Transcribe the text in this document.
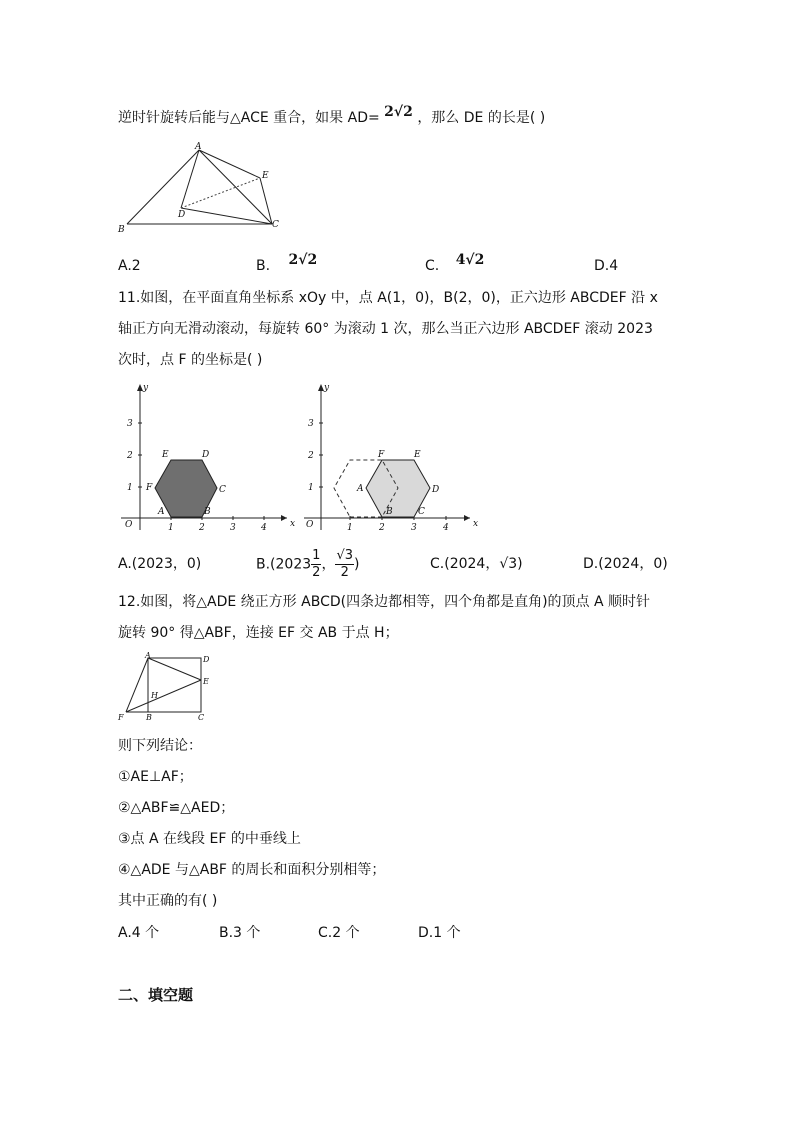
逆时针旋转后能与△ACE 重合，如果 AD= 2√2 ，那么 DE 的长是( )
A
E
D
B	C
A.2	B. 2√2	C. 4√2	D.4
11.如图，在平面直角坐标系 xOy 中，点 A(1，0)，B(2，0)，正六边形 ABCDEF 沿 x
轴正方向无滑动滚动，每旋转 60° 为滚动 1 次，那么当正六边形 ABCDEF 滚动 2023
次时，点 F 的坐标是( )
x
y
O	1	2	3	4
1
2
3
E	D
F	C
A	B
x
y
O	1	2	3	4
1
2
3
F	E
A	D
B	C
A.(2023，0)	$B.(2023 \frac{1}{2}$ ， $\frac{√3}{2}$ )	C.(2024，√3)	D.(2024，0)
12.如图，将△ADE 绕正方形 ABCD(四条边都相等，四个角都是直角)的顶点 A 顺时针
旋转 90° 得△ABF，连接 EF 交 AB 于点 H；
A	D
E
H
F	B	C
则下列结论：
①AE⊥AF；
②△ABF≌△AED；
③点 A 在线段 EF 的中垂线上
④△ADE 与△ABF 的周长和面积分别相等；
其中正确的有( )
A.4 个	B.3 个	C.2 个	D.1 个
二、填空题
